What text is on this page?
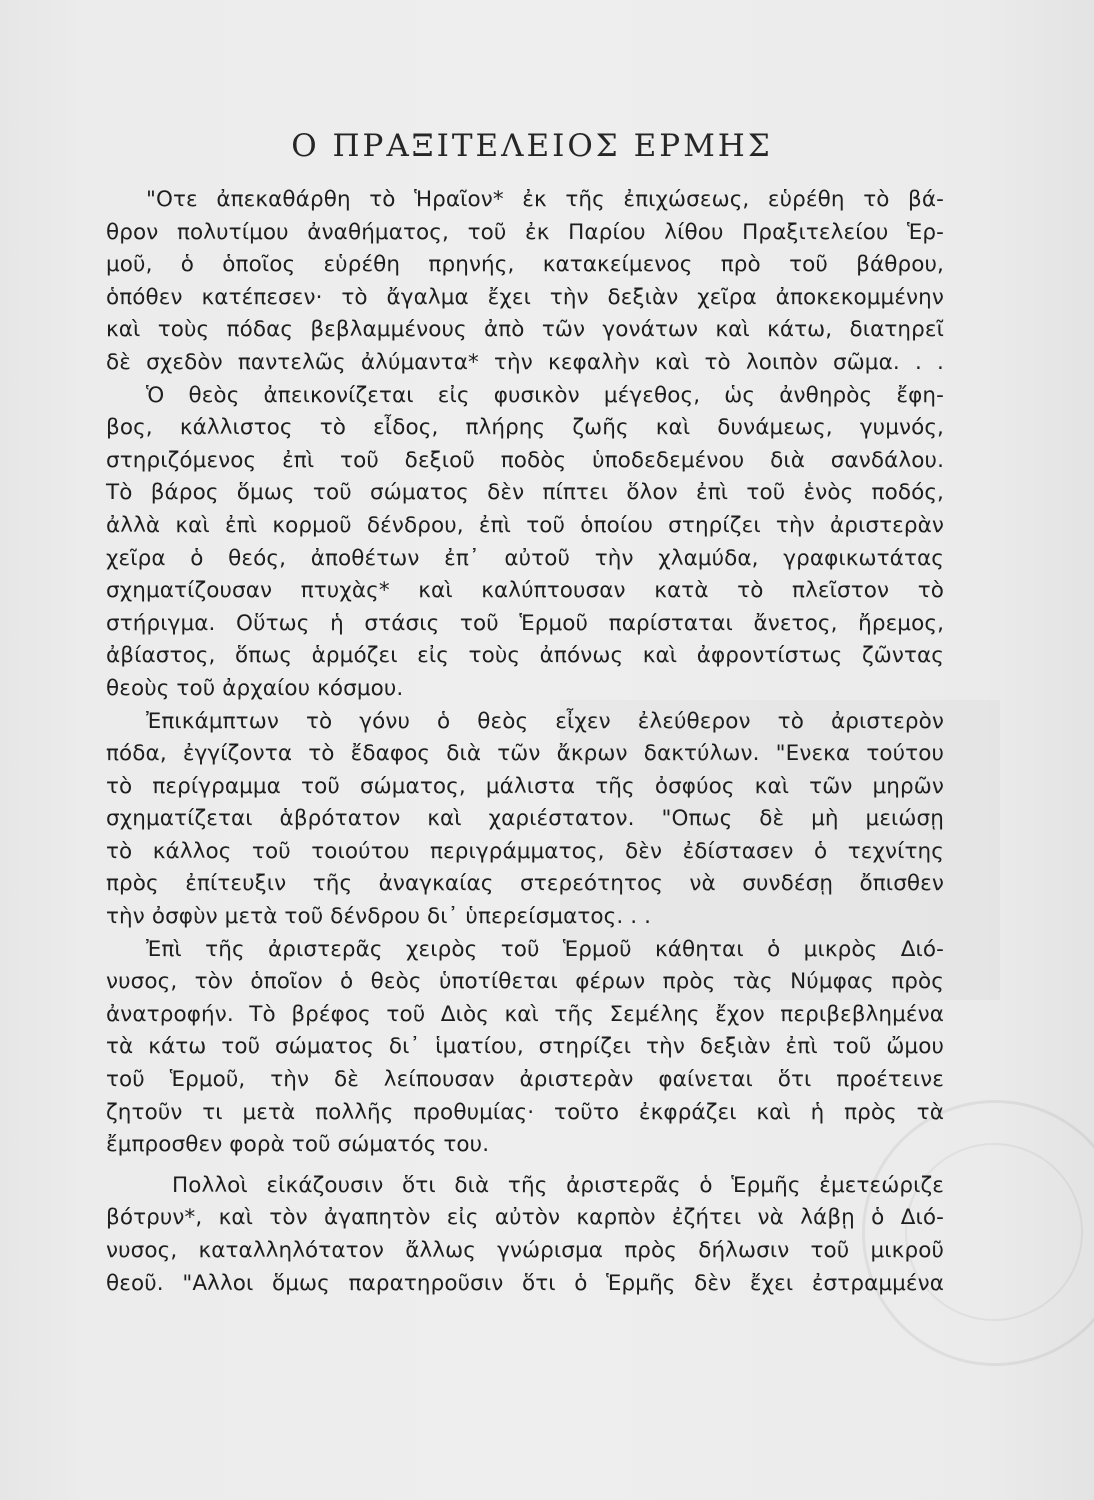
Ο ΠΡΑΞΙΤΕΛΕΙΟΣ ΕΡΜΗΣ
"Οτε ἀπεκαθάρθη τὸ Ἡραῖον* ἐκ τῆς ἐπιχώσεως, εὑρέθη τὸ βά-
θρον πολυτίμου ἀναθήματος, τοῦ ἐκ Παρίου λίθου Πραξιτελείου Ἑρ-
μοῦ, ὁ ὁποῖος εὑρέθη πρηνής, κατακείμενος πρὸ τοῦ βάθρου,
ὁπόθεν κατέπεσεν· τὸ ἄγαλμα ἔχει τὴν δεξιὰν χεῖρα ἀποκεκομμένην
καὶ τοὺς πόδας βεβλαμμένους ἀπὸ τῶν γονάτων καὶ κάτω, διατηρεῖ
δὲ σχεδὸν παντελῶς ἀλύμαντα* τὴν κεφαλὴν καὶ τὸ λοιπὸν σῶμα. . .
Ὁ θεὸς ἀπεικονίζεται εἰς φυσικὸν μέγεθος, ὡς ἀνθηρὸς ἔφη-
βος, κάλλιστος τὸ εἶδος, πλήρης ζωῆς καὶ δυνάμεως, γυμνός,
στηριζόμενος ἐπὶ τοῦ δεξιοῦ ποδὸς ὑποδεδεμένου διὰ σανδάλου.
Τὸ βάρος ὅμως τοῦ σώματος δὲν πίπτει ὅλον ἐπὶ τοῦ ἑνὸς ποδός,
ἀλλὰ καὶ ἐπὶ κορμοῦ δένδρου, ἐπὶ τοῦ ὁποίου στηρίζει τὴν ἀριστερὰν
χεῖρα ὁ θεός, ἀποθέτων ἐπ᾽ αὐτοῦ τὴν χλαμύδα, γραφικωτάτας
σχηματίζουσαν πτυχὰς* καὶ καλύπτουσαν κατὰ τὸ πλεῖστον τὸ
στήριγμα. Οὕτως ἡ στάσις τοῦ Ἑρμοῦ παρίσταται ἄνετος, ἤρεμος,
ἀβίαστος, ὅπως ἁρμόζει εἰς τοὺς ἀπόνως καὶ ἀφροντίστως ζῶντας
θεοὺς τοῦ ἀρχαίου κόσμου.
Ἐπικάμπτων τὸ γόνυ ὁ θεὸς εἶχεν ἐλεύθερον τὸ ἀριστερὸν
πόδα, ἐγγίζοντα τὸ ἔδαφος διὰ τῶν ἄκρων δακτύλων. "Ενεκα τούτου
τὸ περίγραμμα τοῦ σώματος, μάλιστα τῆς ὀσφύος καὶ τῶν μηρῶν
σχηματίζεται ἁβρότατον καὶ χαριέστατον. "Οπως δὲ μὴ μειώσῃ
τὸ κάλλος τοῦ τοιούτου περιγράμματος, δὲν ἐδίστασεν ὁ τεχνίτης
πρὸς ἐπίτευξιν τῆς ἀναγκαίας στερεότητος νὰ συνδέσῃ ὄπισθεν
τὴν ὀσφὺν μετὰ τοῦ δένδρου δι᾽ ὑπερείσματος. . .
Ἐπὶ τῆς ἀριστερᾶς χειρὸς τοῦ Ἑρμοῦ κάθηται ὁ μικρὸς Διό-
νυσος, τὸν ὁποῖον ὁ θεὸς ὑποτίθεται φέρων πρὸς τὰς Νύμφας πρὸς
ἀνατροφήν. Τὸ βρέφος τοῦ Διὸς καὶ τῆς Σεμέλης ἔχον περιβεβλημένα
τὰ κάτω τοῦ σώματος δι᾽ ἱματίου, στηρίζει τὴν δεξιὰν ἐπὶ τοῦ ὤμου
τοῦ Ἑρμοῦ, τὴν δὲ λείπουσαν ἀριστερὰν φαίνεται ὅτι προέτεινε
ζητοῦν τι μετὰ πολλῆς προθυμίας· τοῦτο ἐκφράζει καὶ ἡ πρὸς τὰ
ἔμπροσθεν φορὰ τοῦ σώματός του.
Πολλοὶ εἰκάζουσιν ὅτι διὰ τῆς ἀριστερᾶς ὁ Ἑρμῆς ἐμετεώριζε
βότρυν*, καὶ τὸν ἀγαπητὸν εἰς αὐτὸν καρπὸν ἐζήτει νὰ λάβῃ ὁ Διό-
νυσος, καταλληλότατον ἄλλως γνώρισμα πρὸς δήλωσιν τοῦ μικροῦ
θεοῦ. "Αλλοι ὅμως παρατηροῦσιν ὅτι ὁ Ἑρμῆς δὲν ἔχει ἐστραμμένα
